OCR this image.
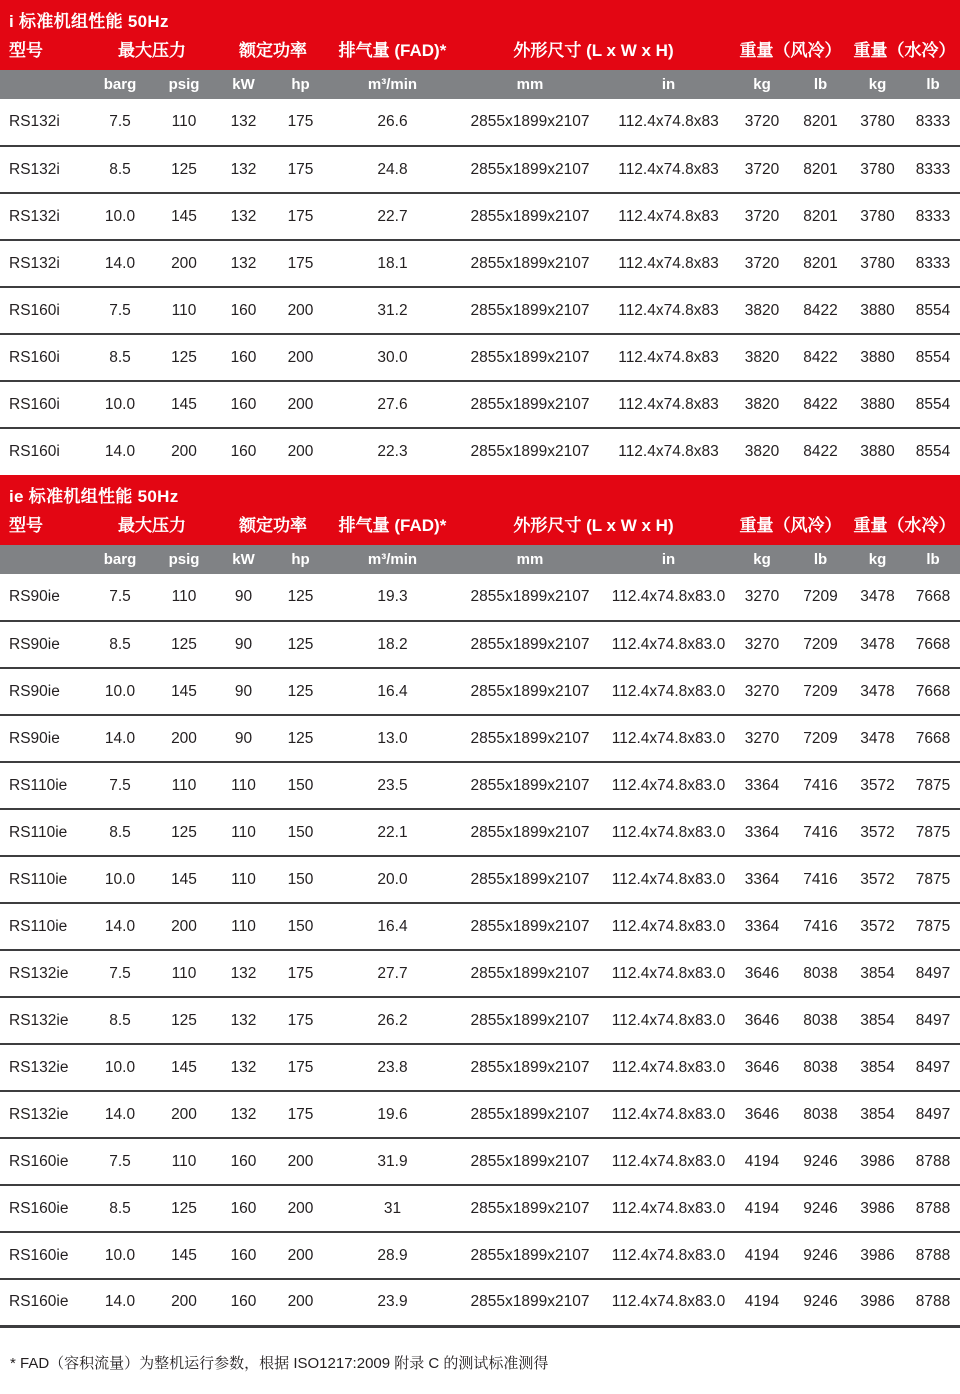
i 标准机组性能 50Hz											
型号	最大压力		额定功率		排气量 (FAD)*	外形尺寸 (L x W x H)		重量（风冷）		重量（水冷）	
	barg	psig	kW	hp	m³/min	mm	in	kg	lb	kg	lb
RS132i	7.5	110	132	175	26.6	2855x1899x2107	112.4x74.8x83	3720	8201	3780	8333
RS132i	8.5	125	132	175	24.8	2855x1899x2107	112.4x74.8x83	3720	8201	3780	8333
RS132i	10.0	145	132	175	22.7	2855x1899x2107	112.4x74.8x83	3720	8201	3780	8333
RS132i	14.0	200	132	175	18.1	2855x1899x2107	112.4x74.8x83	3720	8201	3780	8333
RS160i	7.5	110	160	200	31.2	2855x1899x2107	112.4x74.8x83	3820	8422	3880	8554
RS160i	8.5	125	160	200	30.0	2855x1899x2107	112.4x74.8x83	3820	8422	3880	8554
RS160i	10.0	145	160	200	27.6	2855x1899x2107	112.4x74.8x83	3820	8422	3880	8554
RS160i	14.0	200	160	200	22.3	2855x1899x2107	112.4x74.8x83	3820	8422	3880	8554
ie 标准机组性能 50Hz											
型号	最大压力		额定功率		排气量 (FAD)*	外形尺寸 (L x W x H)		重量（风冷）		重量（水冷）	
	barg	psig	kW	hp	m³/min	mm	in	kg	lb	kg	lb
RS90ie	7.5	110	90	125	19.3	2855x1899x2107	112.4x74.8x83.0	3270	7209	3478	7668
RS90ie	8.5	125	90	125	18.2	2855x1899x2107	112.4x74.8x83.0	3270	7209	3478	7668
RS90ie	10.0	145	90	125	16.4	2855x1899x2107	112.4x74.8x83.0	3270	7209	3478	7668
RS90ie	14.0	200	90	125	13.0	2855x1899x2107	112.4x74.8x83.0	3270	7209	3478	7668
RS110ie	7.5	110	110	150	23.5	2855x1899x2107	112.4x74.8x83.0	3364	7416	3572	7875
RS110ie	8.5	125	110	150	22.1	2855x1899x2107	112.4x74.8x83.0	3364	7416	3572	7875
RS110ie	10.0	145	110	150	20.0	2855x1899x2107	112.4x74.8x83.0	3364	7416	3572	7875
RS110ie	14.0	200	110	150	16.4	2855x1899x2107	112.4x74.8x83.0	3364	7416	3572	7875
RS132ie	7.5	110	132	175	27.7	2855x1899x2107	112.4x74.8x83.0	3646	8038	3854	8497
RS132ie	8.5	125	132	175	26.2	2855x1899x2107	112.4x74.8x83.0	3646	8038	3854	8497
RS132ie	10.0	145	132	175	23.8	2855x1899x2107	112.4x74.8x83.0	3646	8038	3854	8497
RS132ie	14.0	200	132	175	19.6	2855x1899x2107	112.4x74.8x83.0	3646	8038	3854	8497
RS160ie	7.5	110	160	200	31.9	2855x1899x2107	112.4x74.8x83.0	4194	9246	3986	8788
RS160ie	8.5	125	160	200	31	2855x1899x2107	112.4x74.8x83.0	4194	9246	3986	8788
RS160ie	10.0	145	160	200	28.9	2855x1899x2107	112.4x74.8x83.0	4194	9246	3986	8788
RS160ie	14.0	200	160	200	23.9	2855x1899x2107	112.4x74.8x83.0	4194	9246	3986	8788
* FAD（容积流量）为整机运行参数，根据 ISO1217:2009 附录 C 的测试标准测得
